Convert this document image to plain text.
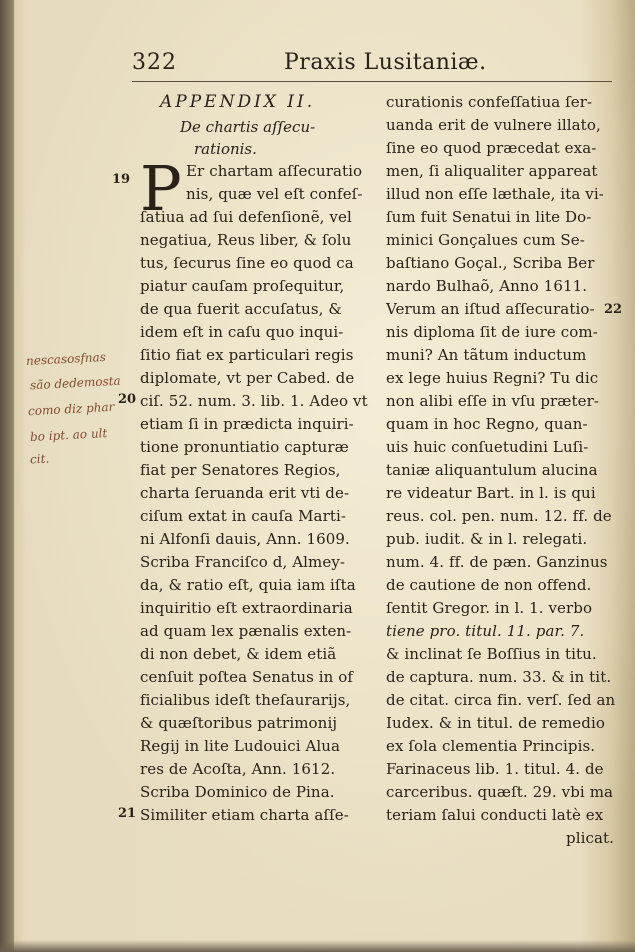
322	Praxis Lusitaniæ.
APPENDIX II.
De chartis aſſecu-
rationis.
P
19
20
21
22
nescasosfnas
são dedemosta
como diz phar
bo ipt. ao ult
cit.
Er chartam aſſecuratio
nis, quæ vel eſt confeſ-
ſatiua ad ſui defenſionẽ, vel
negatiua, Reus liber, & ſolu
tus, ſecurus ſine eo quod ca
piatur cauſam proſequitur,
de qua fuerit accuſatus, &
idem eſt in caſu quo inqui-
ſitio fiat ex particulari regis
diplomate, vt per Cabed. de
ciſ. 52. num. 3. lib. 1. Adeo vt
etiam ſi in prædicta inquiri-
tione pronuntiatio capturæ
fiat per Senatores Regios,
charta ſeruanda erit vti de-
ciſum extat in cauſa Marti-
ni Alfonſi dauis, Ann. 1609.
Scriba Franciſco d, Almey-
da, & ratio eſt, quia iam iſta
inquiritio eſt extraordinaria
ad quam lex pænalis exten-
di non debet, & idem etiã
cenſuit poſtea Senatus in of
ficialibus ideſt theſaurarijs,
& quæſtoribus patrimonij
Regij in lite Ludouici Alua
res de Acoſta, Ann. 1612.
Scriba Dominico de Pina.
Similiter etiam charta aſſe-
curationis confeſſatiua ſer-
uanda erit de vulnere illato,
ſine eo quod præcedat exa-
men, ſi aliqualiter appareat
illud non eſſe læthale, ita vi-
ſum fuit Senatui in lite Do-
minici Gonçalues cum Se-
baſtiano Goçal., Scriba Ber
nardo Bulhaõ, Anno 1611.
Verum an iſtud aſſecuratio-
nis diploma ſit de iure com-
muni? An tãtum inductum
ex lege huius Regni? Tu dic
non alibi eſſe in vſu præter-
quam in hoc Regno, quan-
uis huic conſuetudini Luſi-
taniæ aliquantulum alucina
re videatur Bart. in l. is qui
reus. col. pen. num. 12. ff. de
pub. iudit. & in l. relegati.
num. 4. ff. de pæn. Ganzinus
de cautione de non offend.
ſentit Gregor. in l. 1. verbo
tiene pro. titul. 11. par. 7.
& inclinat ſe Boſſius in titu.
de captura. num. 33. & in tit.
de citat. circa fin. verſ. ſed an
Iudex. & in titul. de remedio
ex ſola clementia Principis.
Farinaceus lib. 1. titul. 4. de
carceribus. quæſt. 29. vbi ma
teriam ſalui conducti latè ex
plicat.
